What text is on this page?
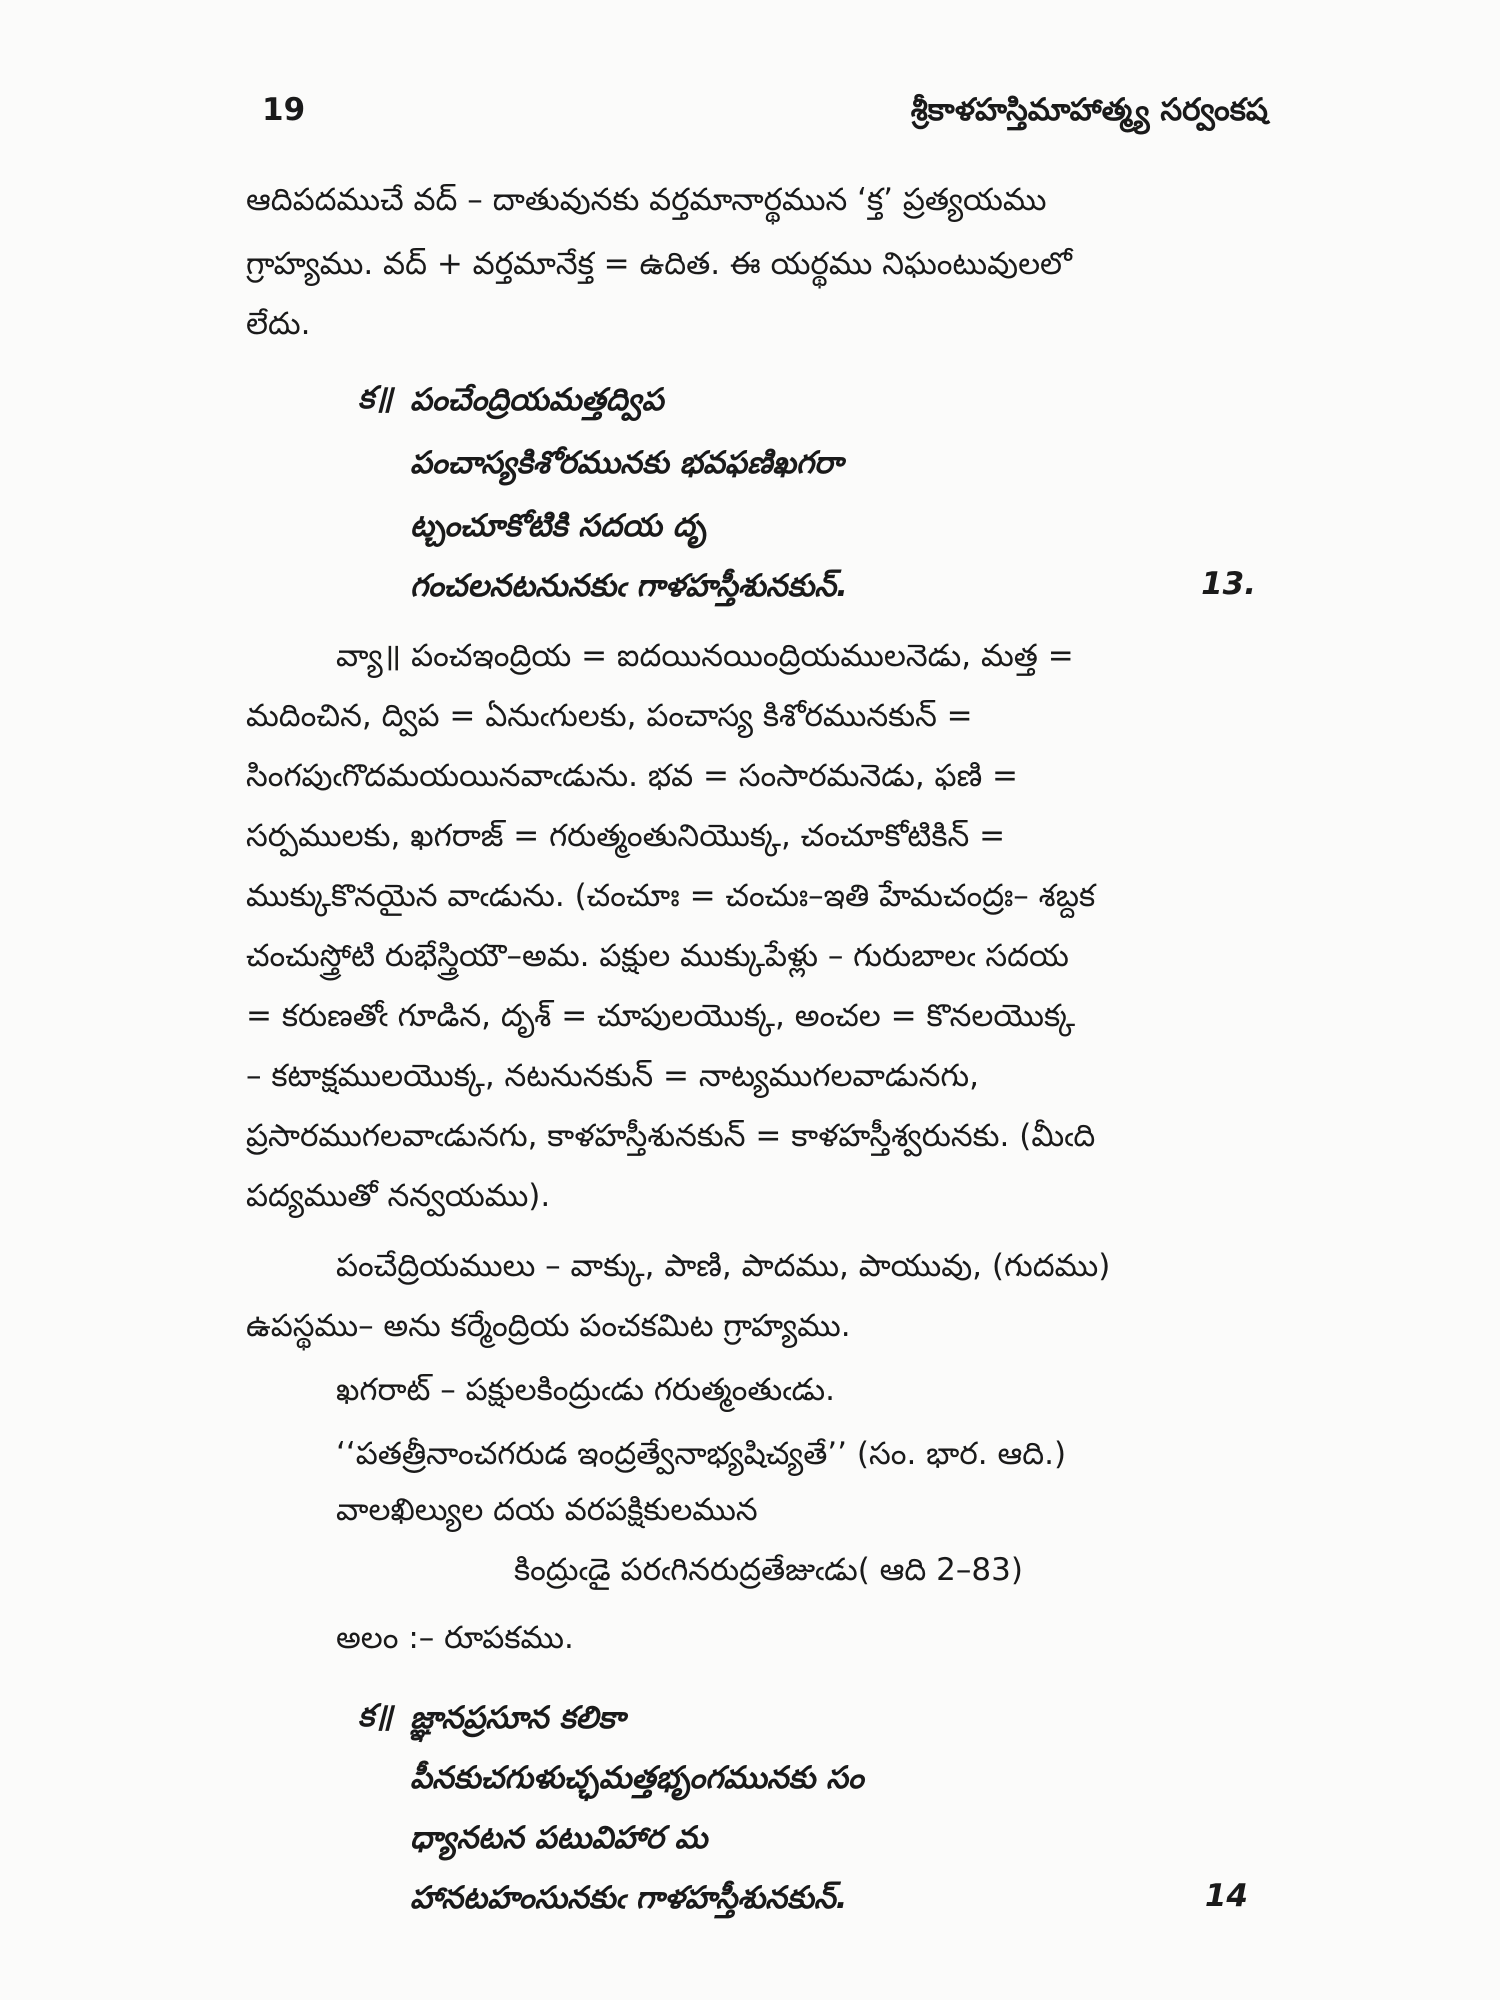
19	శ్రీకాళహస్తిమాహాత్మ్య సర్వంకష
ఆదిపదముచే వద్ – దాతువునకు వర్తమానార్థమున ‘క్త’ ప్రత్యయము
గ్రాహ్యము. వద్ + వర్తమానేక్త = ఉదిత. ఈ యర్థము నిఘంటువులలో
లేదు.
క॥ పంచేంద్రియమత్తద్విప
పంచాస్యకిశోరమునకు భవఫణిఖగరా
ట్చంచూకోటికి సదయ దృ
గంచలనటనునకుఁ గాళహస్తీశునకున్.	13.
వ్యా॥ పంచఇంద్రియ = ఐదయినయింద్రియములనెడు, మత్త =
మదించిన, ద్విప = ఏనుఁగులకు, పంచాస్య కిశోరమునకున్ =
సింగపుఁగొదమయయినవాఁడును. భవ = సంసారమనెడు, ఫణి =
సర్పములకు, ఖగరాజ్ = గరుత్మంతునియొక్క, చంచూకోటికిన్ =
ముక్కుకొనయైన వాఁడును. (చంచూః = చంచుః–ఇతి హేమచంద్రః– శబ్దక
చంచుస్త్రోటి రుభేస్త్రియౌ–అమ. పక్షుల ముక్కుపేళ్లు – గురుబాలఁ సదయ
= కరుణతోఁ గూడిన, దృశ్ = చూపులయొక్క, అంచల = కొనలయొక్క
– కటాక్షములయొక్క, నటనునకున్ = నాట్యముగలవాడునగు,
ప్రసారముగలవాఁడునగు, కాళహస్తీశునకున్ = కాళహస్తీశ్వరునకు. (మీఁది
పద్యముతో నన్వయము).
పంచేద్రియములు – వాక్కు, పాణి, పాదము, పాయువు, (గుదము)
ఉపస్థము– అను కర్మేంద్రియ పంచకమిట గ్రాహ్యము.
ఖగరాట్ – పక్షులకింద్రుఁడు గరుత్మంతుఁడు.
‘‘పతత్రీనాంచగరుడ ఇంద్రత్వేనాభ్యషిచ్యతే’’ (సం. భార. ఆది.)
వాలఖిల్యుల దయ వరపక్షికులమున
కింద్రుఁడై పరఁగినరుద్రతేజుఁడు( ఆది 2–83)
అలం :– రూపకము.
క॥ జ్ఞానప్రసూన కలికా
పీనకుచగుళుచ్ఛమత్తభృంగమునకు సం
ధ్యానటన పటువిహార మ
హానటహంసునకుఁ గాళహస్తీశునకున్.	14
